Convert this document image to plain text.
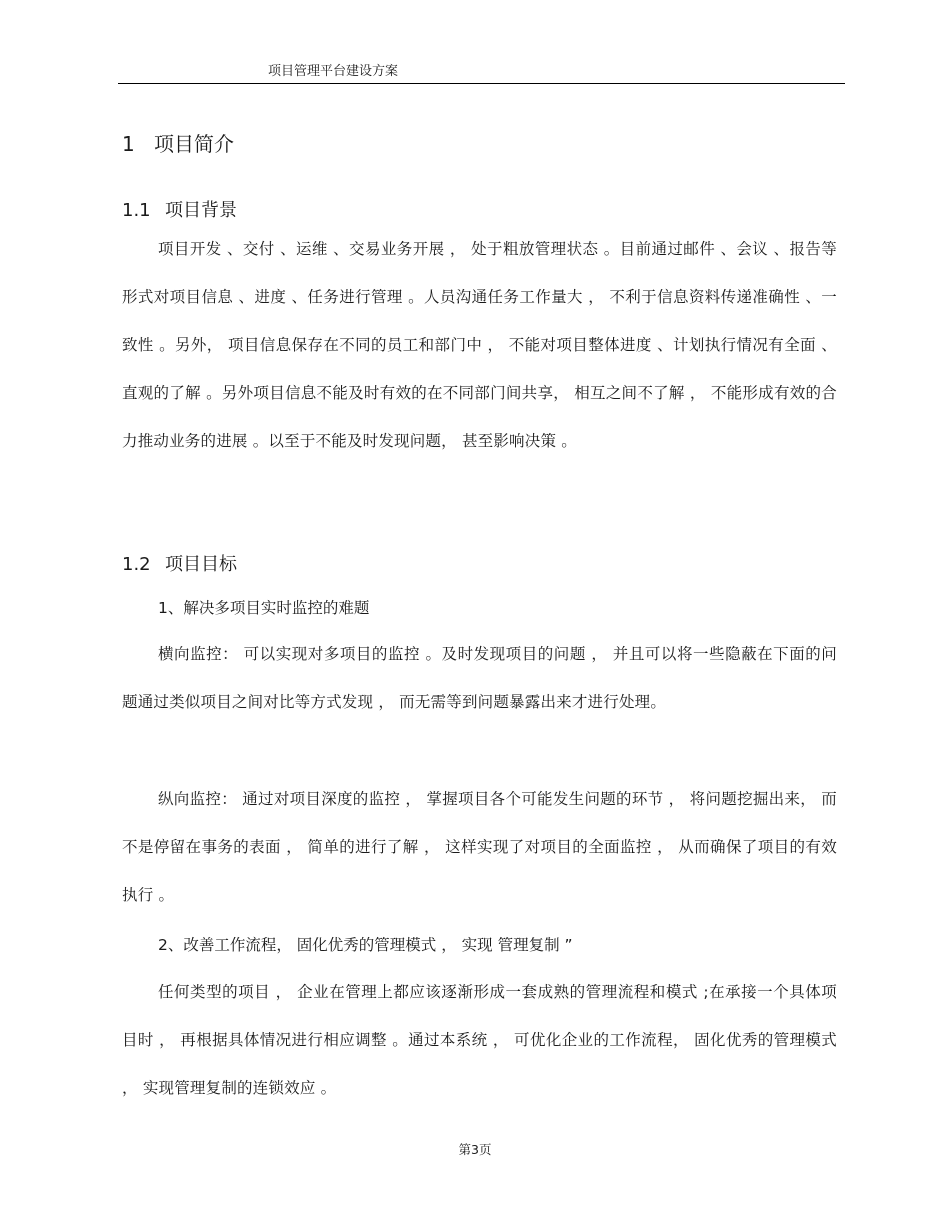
项目管理平台建设方案
1 项目简介
1.1 项目背景

项目开发 、交付 、运维 、交易业务开展 ， 处于粗放管理状态 。目前通过邮件 、会议 、报告等形式对项目信息 、进度 、任务进行管理 。人员沟通任务工作量大 ， 不利于信息资料传递准确性 、一致性 。另外， 项目信息保存在不同的员工和部门中 ， 不能对项目整体进度 、计划执行情况有全面 、直观的了解 。另外项目信息不能及时有效的在不同部门间共享， 相互之间不了解 ， 不能形成有效的合力推动业务的进展 。以至于不能及时发现问题， 甚至影响决策 。

1.2 项目目标
1、解决多项目实时监控的难题

横向监控： 可以实现对多项目的监控 。及时发现项目的问题 ， 并且可以将一些隐蔽在下面的问题通过类似项目之间对比等方式发现 ， 而无需等到问题暴露出来才进行处理。

纵向监控： 通过对项目深度的监控 ， 掌握项目各个可能发生问题的环节 ， 将问题挖掘出来， 而不是停留在事务的表面 ， 简单的进行了解 ， 这样实现了对项目的全面监控 ， 从而确保了项目的有效执行 。

2、改善工作流程， 固化优秀的管理模式 ， 实现 管理复制 ”

任何类型的项目 ， 企业在管理上都应该逐渐形成一套成熟的管理流程和模式 ;在承接一个具体项目时 ， 再根据具体情况进行相应调整 。通过本系统 ， 可优化企业的工作流程， 固化优秀的管理模式 ， 实现管理复制的连锁效应 。

第3页
